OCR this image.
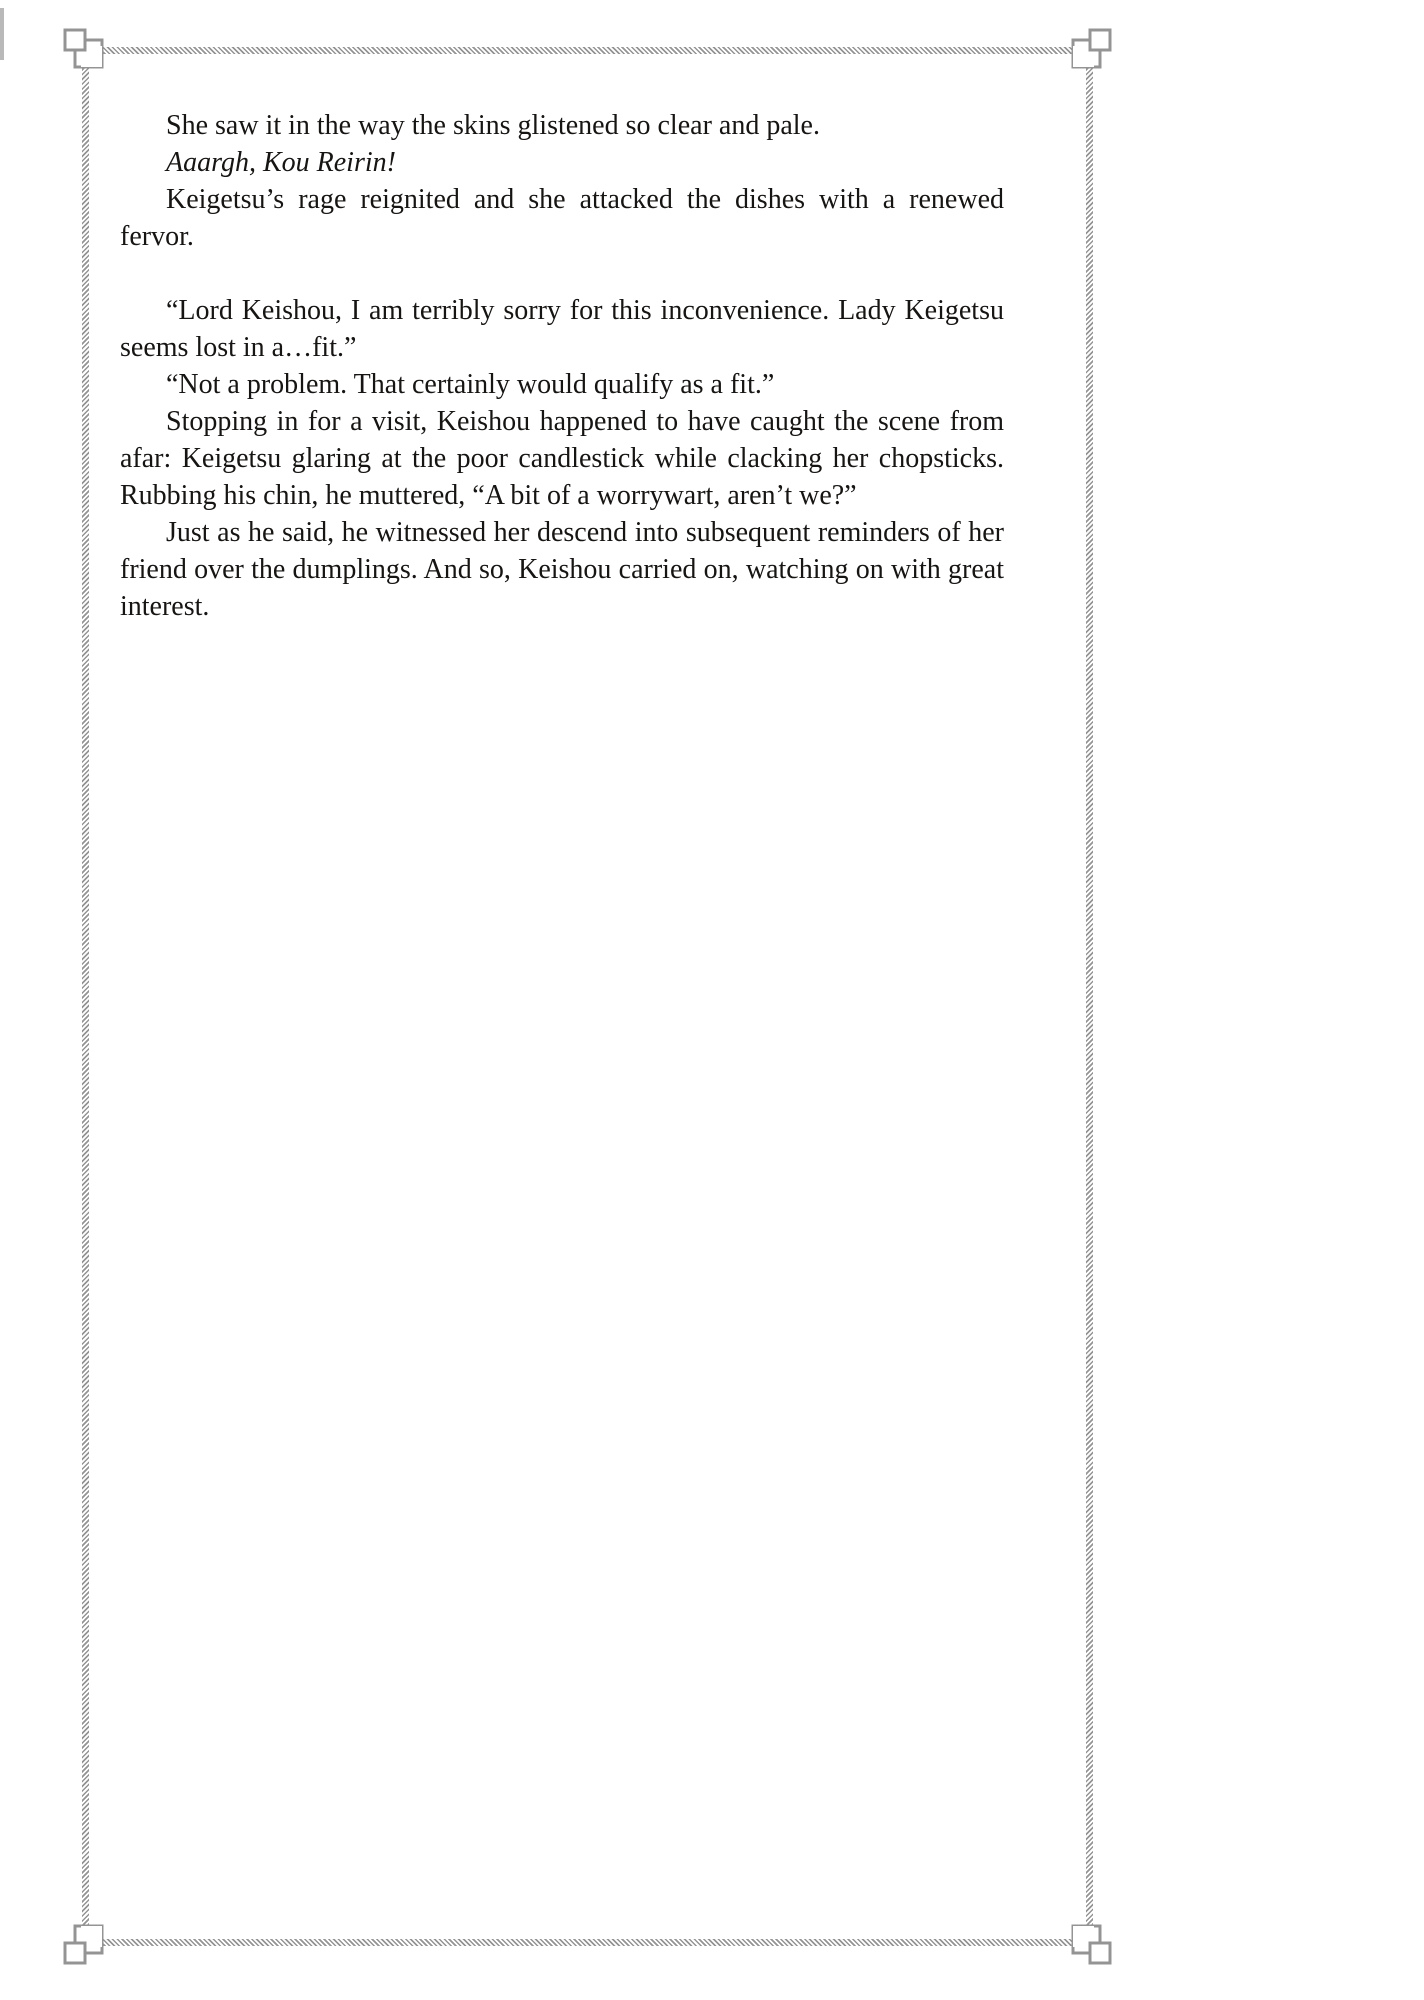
She saw it in the way the skins glistened so clear and pale.

Aaargh, Kou Reirin!

Keigetsu’s rage reignited and she attacked the dishes with a renewed fervor.

“Lord Keishou, I am terribly sorry for this inconvenience. Lady Keigetsu seems lost in a…fit.”

“Not a problem. That certainly would qualify as a fit.”

Stopping in for a visit, Keishou happened to have caught the scene from afar: Keigetsu glaring at the poor candlestick while clacking her chopsticks. Rubbing his chin, he muttered, “A bit of a worrywart, aren’t we?”

Just as he said, he witnessed her descend into subsequent reminders of her friend over the dumplings. And so, Keishou carried on, watching on with great interest.
